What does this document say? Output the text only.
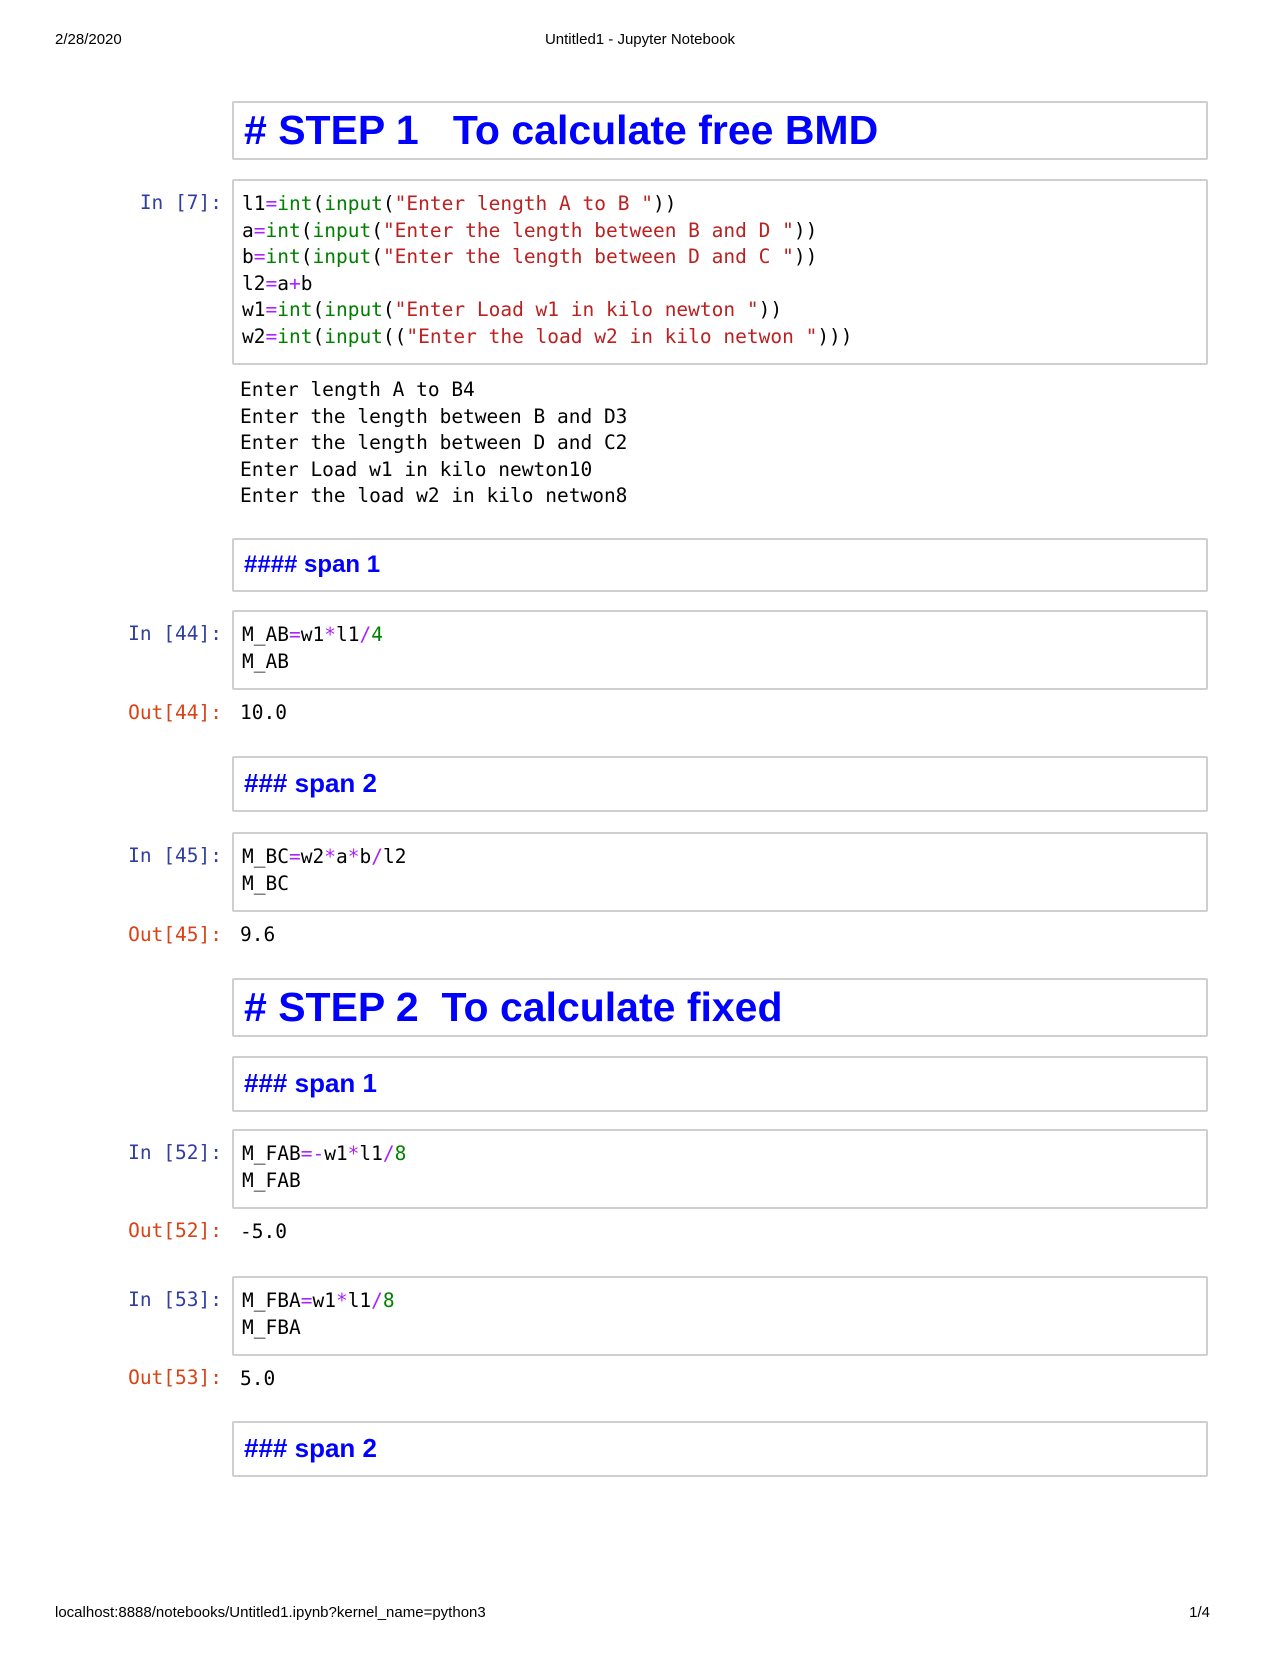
2/28/2020	Untitled1 - Jupyter Notebook
# STEP 1   To calculate free BMD
In [7]:	l1=int(input("Enter length A to B "))
a=int(input("Enter the length between B and D "))
b=int(input("Enter the length between D and C "))
l2=a+b
w1=int(input("Enter Load w1 in kilo newton "))
w2=int(input(("Enter the load w2 in kilo netwon ")))
Enter length A to B4
Enter the length between B and D3
Enter the length between D and C2
Enter Load w1 in kilo newton10
Enter the load w2 in kilo netwon8
#### span 1
In [44]:	M_AB=w1*l1/4
M_AB
Out[44]: 10.0
### span 2
In [45]:	M_BC=w2*a*b/l2
M_BC
Out[45]: 9.6
# STEP 2  To calculate fixed
### span 1
In [52]:	M_FAB=-w1*l1/8
M_FAB
Out[52]: -5.0
In [53]:	M_FBA=w1*l1/8
M_FBA
Out[53]: 5.0
### span 2
localhost:8888/notebooks/Untitled1.ipynb?kernel_name=python3	1/4
